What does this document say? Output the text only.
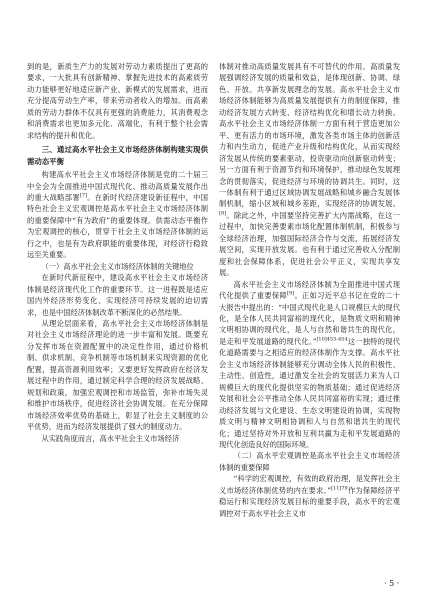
到的是，新质生产力的发展对劳动力素质提出了更高的要求，一大批具有创新精神、掌握先进技术的高素质劳动力能够更好地适应新产业、新模式的发展需求，进而充分提高劳动生产率，带来劳动者收入的增加。而高素质的劳动力群体不仅具有更强的消费能力，其消费观念和消费需求也更加多元化、高端化，有利于整个社会需求结构的提升和优化。

三、通过高水平社会主义市场经济体制构建实现供需动态平衡

构建高水平社会主义市场经济体制是党的二十届三中全会为全面推进中国式现代化、推动高质量发展作出的重大战略部署[7]。在新时代经济建设新征程中，中国特色社会主义宏观调控是高水平社会主义市场经济体制的重要保障中“有为政府”的重要体现。供需动态平衡作为宏观调控的核心，贯穿于社会主义市场经济体制的运行之中，也是有为政府职能的重要体现，对经济行稳致远至关重要。

（一）高水平社会主义市场经济体制的关键地位

在新时代新征程中，建设高水平社会主义市场经济体制是经济现代化工作的重要环节。这一进程既是适应国内外经济形势变化、实现经济可持续发展的迫切需求，也是中国经济体制改革不断深化的必然结果。

从理论层面来看，高水平社会主义市场经济体制是对社会主义市场经济理论的进一步丰富和发展。既要充分发挥市场在资源配置中的决定性作用，通过价格机制、供求机制、竞争机制等市场机制来实现资源的优化配置，提高资源利用效率；又要更好发挥政府在经济发展过程中的作用，通过制定科学合理的经济发展战略、规划和政策，加强宏观调控和市场监管，弥补市场失灵和维护市场秩序，促进经济社会协调发展。在充分保障市场经济效率优势的基础上，彰显了社会主义制度的公平优势，进而为经济发展提供了强大的制度动力。

从实践角度而言，高水平社会主义市场经济

体制对推动高质量发展具有不可替代的作用。高质量发展强调经济发展的质量和效益，是体现创新、协调、绿色、开放、共享新发展理念的发展。高水平社会主义市场经济体制能够为高质量发展提供有力的制度保障，推动经济发展方式转变、经济结构优化和增长动力转换。高水平社会主义市场经济体制一方面有利于营造更加公平、更有活力的市场环境，激发各类市场主体的创新活力和内生动力，促进产业升级和结构优化，从而实现经济发展从传统的要素驱动、投资驱动向创新驱动转变；另一方面有利于资源节约和环境保护，推动绿色发展理念的贯彻落实，促进经济与环境的协调共生。同时，这一体制有利于通过区域协调发展战略和城乡融合发展体制机制，缩小区域和城乡差距，实现经济的协调发展。[8]。除此之外，中国要坚持完善扩大内需战略，在这一过程中，加快完善要素市场化配置体制机制，积极参与全球经济治理，加强国际经济合作与交流，拓展经济发展空间，实现开放发展。也有利于通过完善收入分配制度和社会保障体系，促进社会公平正义，实现共享发展。

高水平社会主义市场经济体制为全面推进中国式现代化提供了重要保障[9]。正如习近平总书记在党的二十大报告中提出的：“中国式现代化是人口规模巨大的现代化，是全体人民共同富裕的现代化，是物质文明和精神文明相协调的现代化，是人与自然和谐共生的现代化，是走和平发展道路的现代化。”$^{[10]453-454}$这一独特的现代化道路需要与之相适应的经济体制作为支撑。高水平社会主义市场经济体制能够充分调动全体人民的积极性、主动性、创造性，通过激发全社会的发展活力来为人口规模巨大的现代化提供坚实的物质基础；通过促进经济发展和社会公平推动全体人民共同富裕的实现；通过推动经济发展与文化建设、生态文明建设的协调，实现物质文明与精神文明相协调和人与自然和谐共生的现代化；通过坚持对外开放和互利共赢为走和平发展道路的现代化创造良好的国际环境。

（二）高水平宏观调控是高水平社会主义市场经济体制的重要保障

“科学的宏观调控，有效的政府治理，是发挥社会主义市场经济体制优势的内在要求。”$^{[11]79}$作为保障经济平稳运行和实现经济发展目标的重要手段，高水平的宏观调控对于高水平社会主义市

· 5 ·
